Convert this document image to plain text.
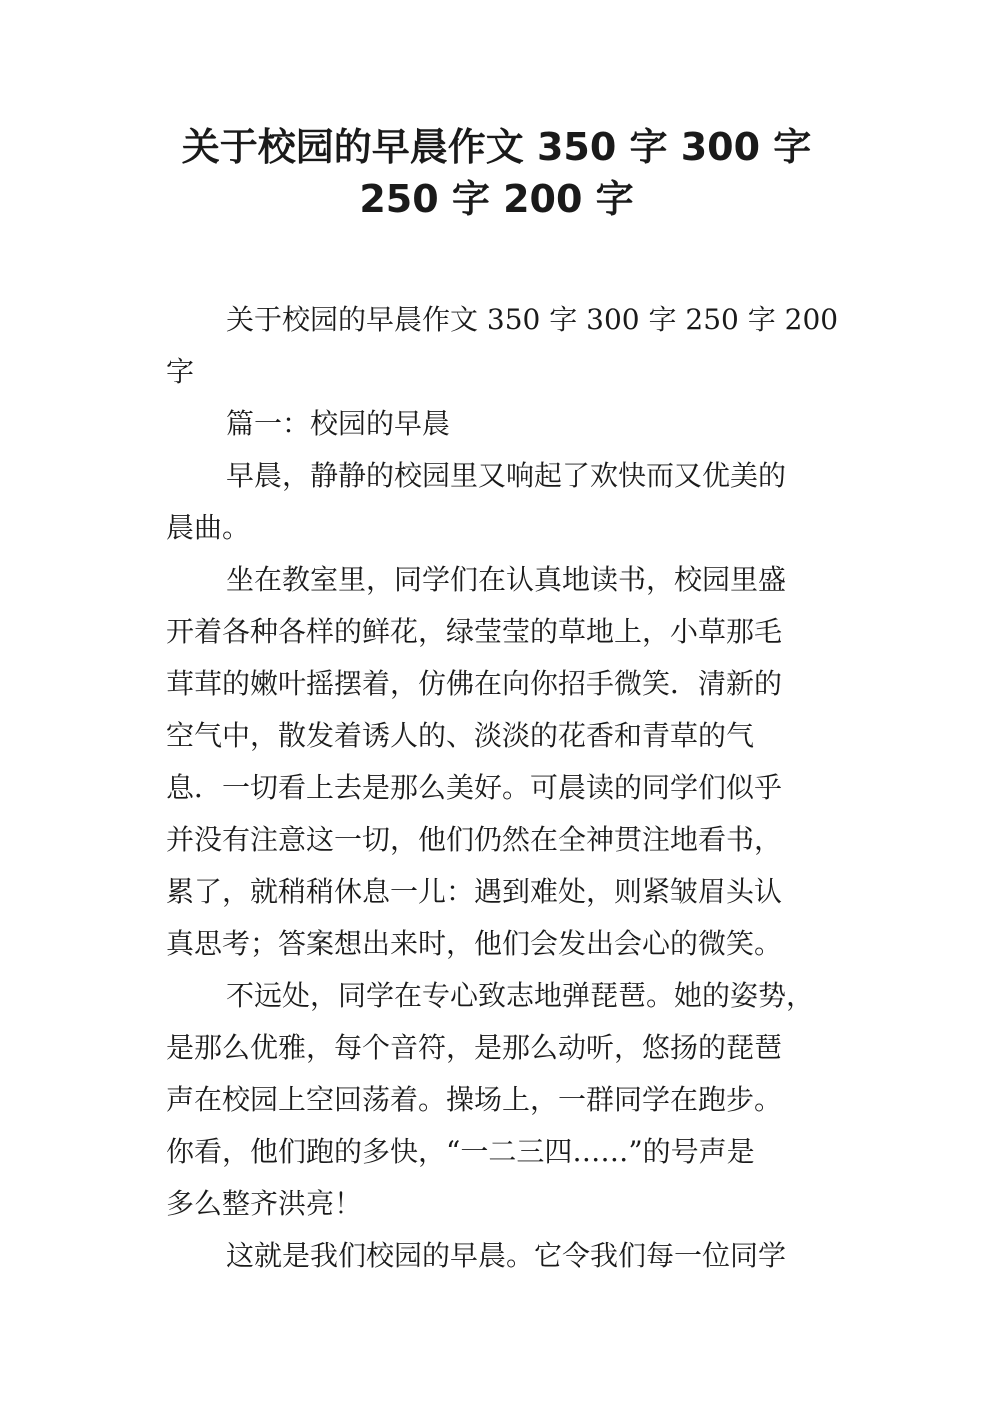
关于校园的早晨作文 350 字 300 字
250 字 200 字
关于校园的早晨作文 350 字 300 字 250 字 200
字
篇一：校园的早晨
早晨，静静的校园里又响起了欢快而又优美的
晨曲。
坐在教室里，同学们在认真地读书，校园里盛
开着各种各样的鲜花，绿莹莹的草地上，小草那毛
茸茸的嫩叶摇摆着，仿佛在向你招手微笑．清新的
空气中，散发着诱人的、淡淡的花香和青草的气
息．一切看上去是那么美好。可晨读的同学们似乎
并没有注意这一切，他们仍然在全神贯注地看书，
累了，就稍稍休息一儿：遇到难处，则紧皱眉头认
真思考；答案想出来时，他们会发出会心的微笑。
不远处，同学在专心致志地弹琵琶。她的姿势，
是那么优雅，每个音符，是那么动听，悠扬的琵琶
声在校园上空回荡着。操场上，一群同学在跑步。
你看，他们跑的多快，“一二三四……”的号声是
多么整齐洪亮！
这就是我们校园的早晨。它令我们每一位同学
